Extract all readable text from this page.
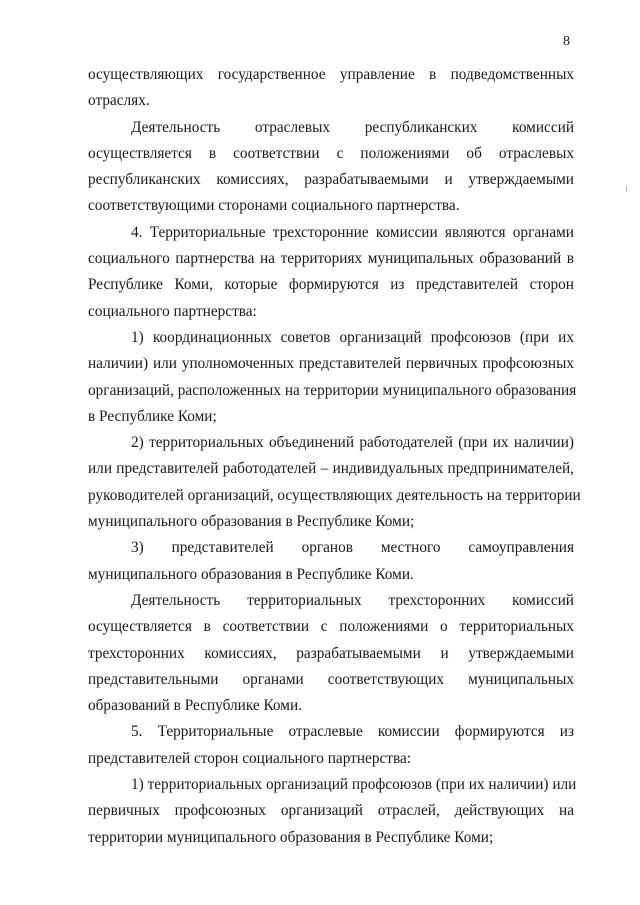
8

осуществляющих государственное управление в подведомственных
отраслях.

Деятельность отраслевых республиканских комиссий
осуществляется в соответствии с положениями об отраслевых
республиканских комиссиях, разрабатываемыми и утверждаемыми
соответствующими сторонами социального партнерства.

4. Территориальные трехсторонние комиссии являются органами
социального партнерства на территориях муниципальных образований в
Республике Коми, которые формируются из представителей сторон
социального партнерства:

1) координационных советов организаций профсоюзов (при их
наличии) или уполномоченных представителей первичных профсоюзных
организаций, расположенных на территории муниципального образования
в Республике Коми;

2) территориальных объединений работодателей (при их наличии)
или представителей работодателей – индивидуальных предпринимателей,
руководителей организаций, осуществляющих деятельность на территории
муниципального образования в Республике Коми;

3) представителей органов местного самоуправления
муниципального образования в Республике Коми.

Деятельность территориальных трехсторонних комиссий
осуществляется в соответствии с положениями о территориальных
трехсторонних комиссиях, разрабатываемыми и утверждаемыми
представительными органами соответствующих муниципальных
образований в Республике Коми.

5. Территориальные отраслевые комиссии формируются из
представителей сторон социального партнерства:

1) территориальных организаций профсоюзов (при их наличии) или
первичных профсоюзных организаций отраслей, действующих на
территории муниципального образования в Республике Коми;
